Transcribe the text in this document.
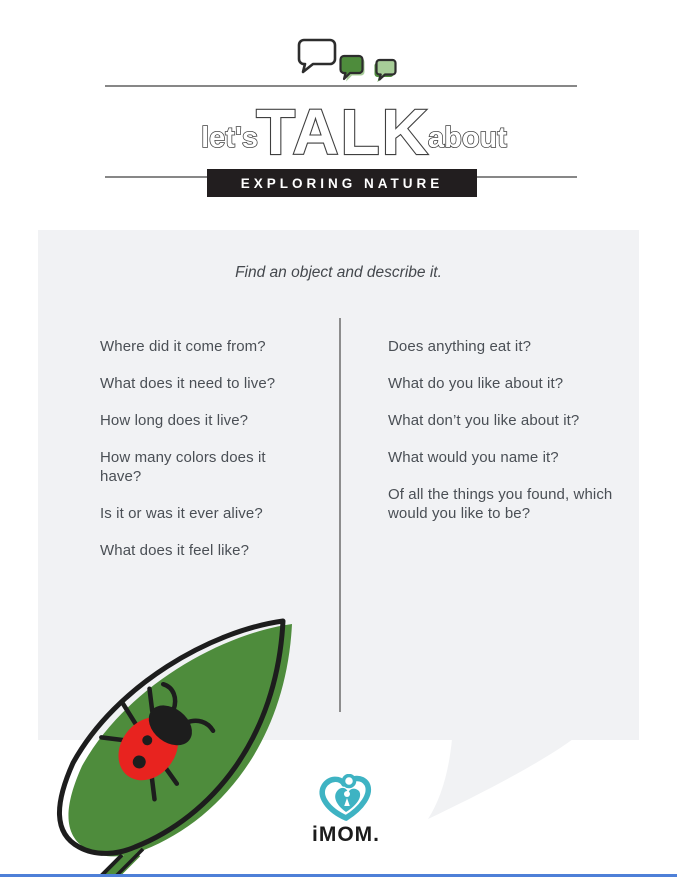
let's
TALK
about
EXPLORING NATURE
Find an object and describe it.

Where did it come from?

What does it need to live?

How long does it live?

How many colors does it have?

Is it or was it ever alive?

What does it feel like?

Does anything eat it?

What do you like about it?

What don’t you like about it?

What would you name it?

Of all the things you found, which would you like to be?

iMOM.
